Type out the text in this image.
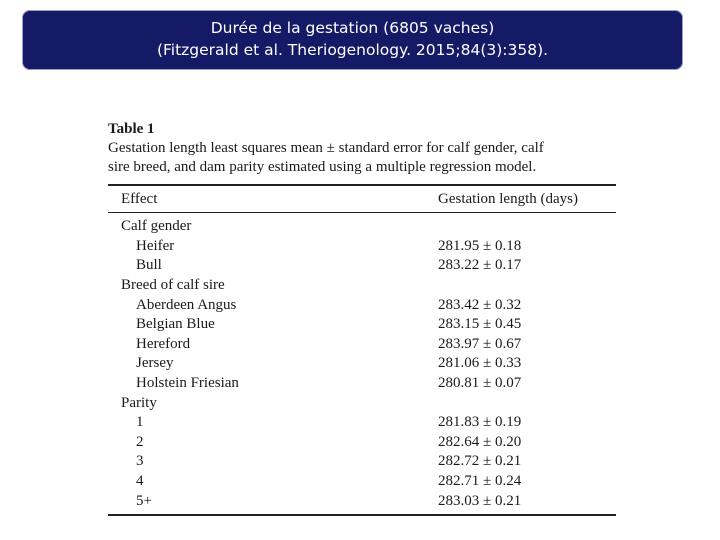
Durée de la gestation (6805 vaches)
(Fitzgerald et al. Theriogenology. 2015;84(3):358).
Table 1
Gestation length least squares mean ± standard error for calf gender, calf
sire breed, and dam parity estimated using a multiple regression model.
Effect	Gestation length (days)
Calf gender
Heifer	281.95 ± 0.18
Bull	283.22 ± 0.17
Breed of calf sire
Aberdeen Angus	283.42 ± 0.32
Belgian Blue	283.15 ± 0.45
Hereford	283.97 ± 0.67
Jersey	281.06 ± 0.33
Holstein Friesian	280.81 ± 0.07
Parity
1	281.83 ± 0.19
2	282.64 ± 0.20
3	282.72 ± 0.21
4	282.71 ± 0.24
5+	283.03 ± 0.21
